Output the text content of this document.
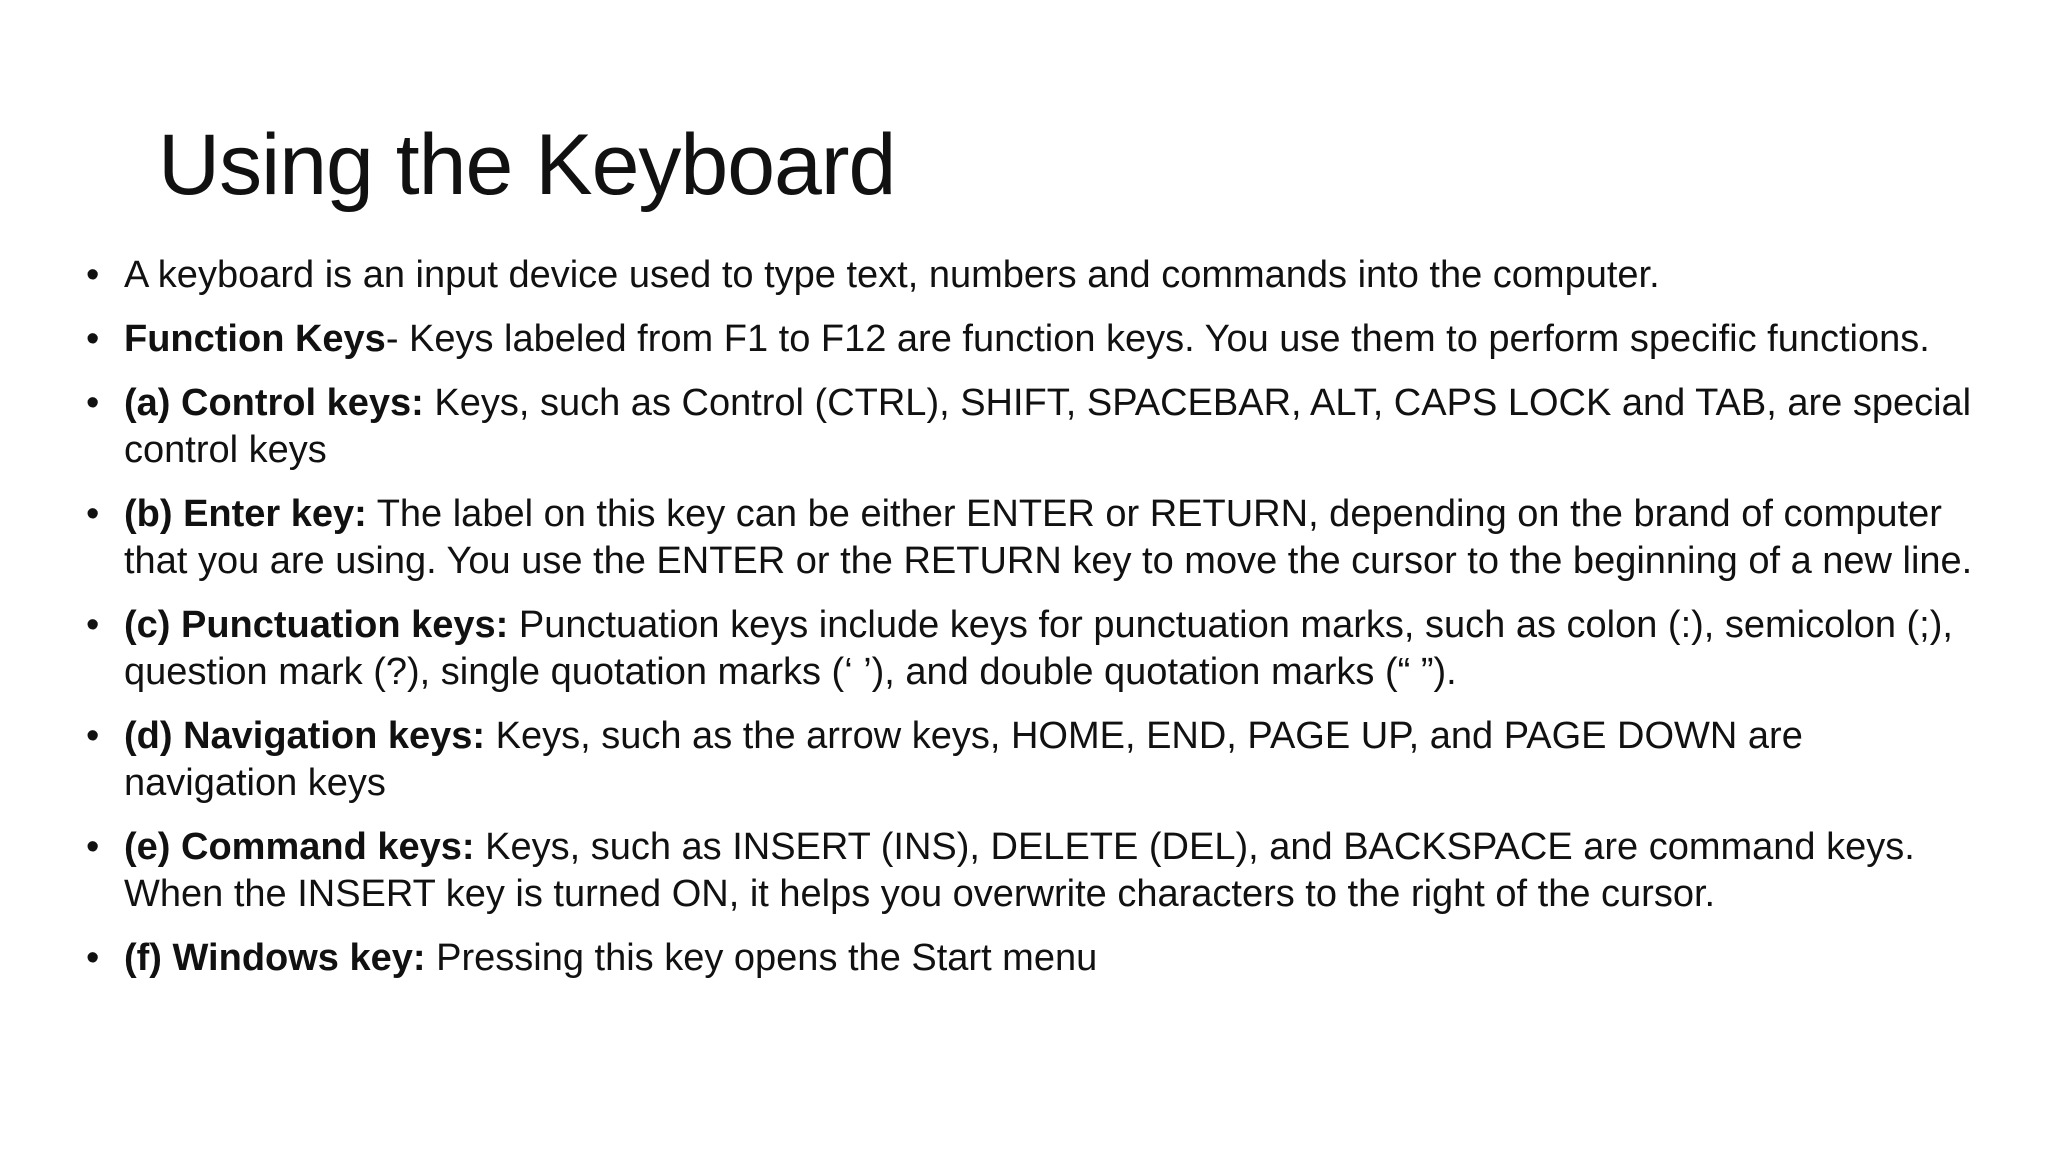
Using the Keyboard
• A keyboard is an input device used to type text, numbers and commands into the computer.
• Function Keys- Keys labeled from F1 to F12 are function keys. You use them to perform specific functions.
• (a) Control keys: Keys, such as Control (CTRL), SHIFT, SPACEBAR, ALT, CAPS LOCK and TAB, are special control keys
• (b) Enter key: The label on this key can be either ENTER or RETURN, depending on the brand of computer that you are using. You use the ENTER or the RETURN key to move the cursor to the beginning of a new line.
• (c) Punctuation keys: Punctuation keys include keys for punctuation marks, such as colon (:), semicolon (;), question mark (?), single quotation marks (‘ ’), and double quotation marks (“ ”).
• (d) Navigation keys: Keys, such as the arrow keys, HOME, END, PAGE UP, and PAGE DOWN are navigation keys
• (e) Command keys: Keys, such as INSERT (INS), DELETE (DEL), and BACKSPACE are command keys. When the INSERT key is turned ON, it helps you overwrite characters to the right of the cursor.
• (f) Windows key: Pressing this key opens the Start menu
